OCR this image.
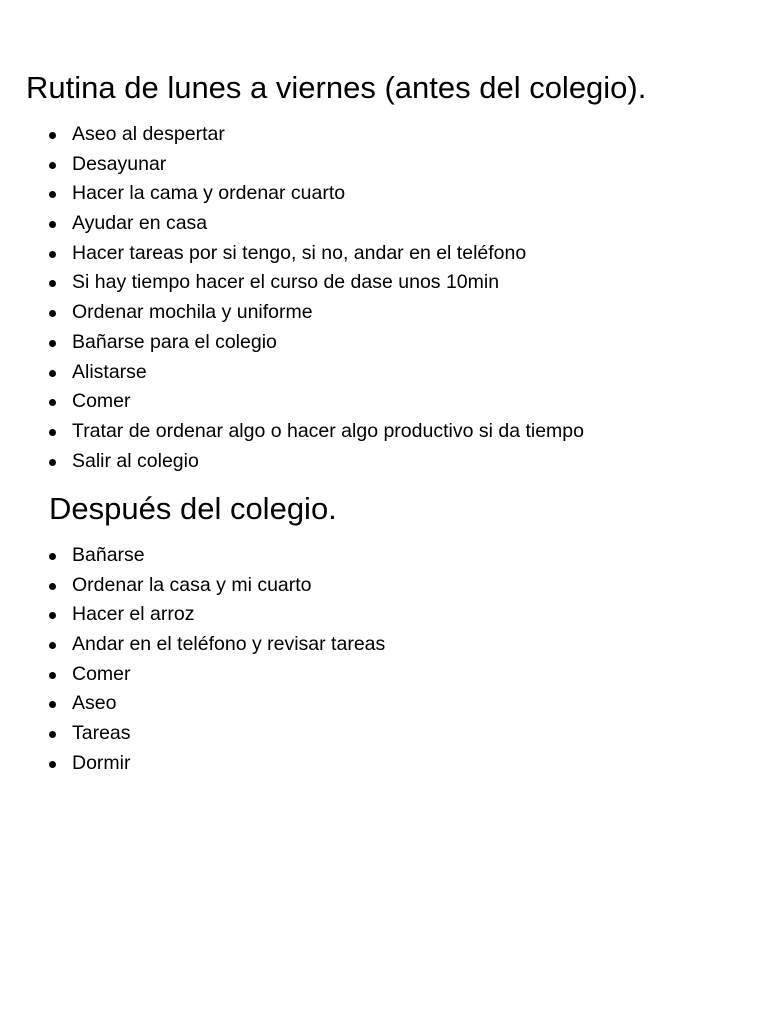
Rutina de lunes a viernes (antes del colegio).
Aseo al despertar
Desayunar
Hacer la cama y ordenar cuarto
Ayudar en casa
Hacer tareas por si tengo, si no, andar en el teléfono
Si hay tiempo hacer el curso de dase unos 10min
Ordenar mochila y uniforme
Bañarse para el colegio
Alistarse
Comer
Tratar de ordenar algo o hacer algo productivo si da tiempo
Salir al colegio
Después del colegio.
Bañarse
Ordenar la casa y mi cuarto
Hacer el arroz
Andar en el teléfono y revisar tareas
Comer
Aseo
Tareas
Dormir
